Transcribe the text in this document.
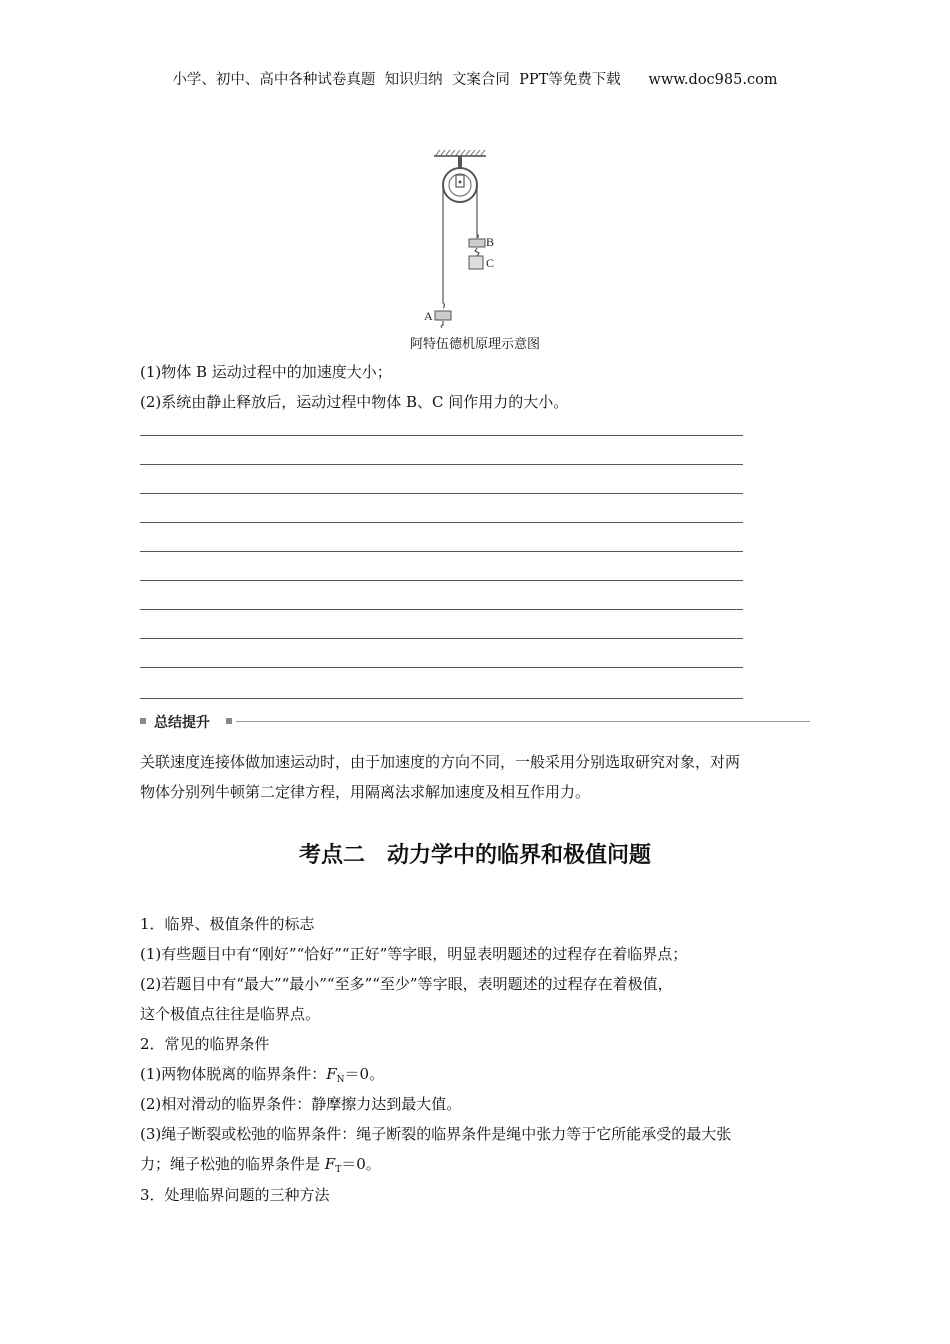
小学、初中、高中各种试卷真题  知识归纳  文案合同  PPT等免费下载      www.doc985.com
B
C
A
阿特伍德机原理示意图
(1)物体 B 运动过程中的加速度大小；
(2)系统由静止释放后，运动过程中物体 B、C 间作用力的大小。
总结提升
关联速度连接体做加速运动时，由于加速度的方向不同，一般采用分别选取研究对象，对两
物体分别列牛顿第二定律方程，用隔离法求解加速度及相互作用力。
考点二　动力学中的临界和极值问题
1．临界、极值条件的标志
(1)有些题目中有“刚好”“恰好”“正好”等字眼，明显表明题述的过程存在着临界点；
(2)若题目中有“最大”“最小”“至多”“至少”等字眼，表明题述的过程存在着极值，
这个极值点往往是临界点。
2．常见的临界条件
(1)两物体脱离的临界条件：$F_N=0$。
(2)相对滑动的临界条件：静摩擦力达到最大值。
(3)绳子断裂或松弛的临界条件：绳子断裂的临界条件是绳中张力等于它所能承受的最大张
力；绳子松弛的临界条件是 $F_T=0$。
3．处理临界问题的三种方法
